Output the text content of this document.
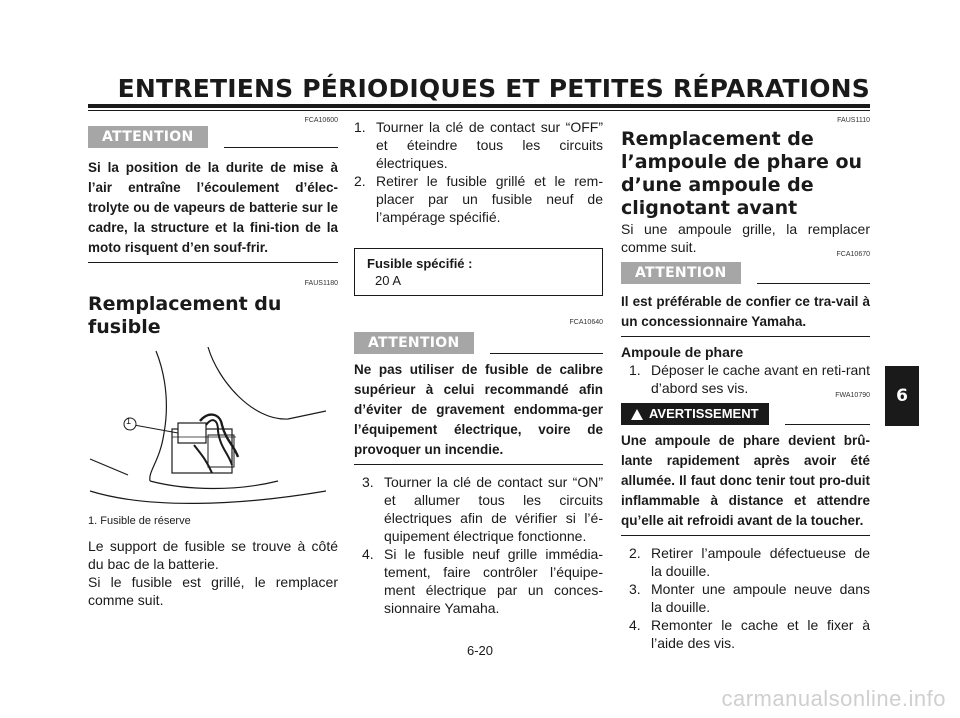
ENTRETIENS PÉRIODIQUES ET PETITES RÉPARATIONS
6
FCA10600
ATTENTION

Si la position de la durite de mise à l’air entraîne l’écoulement d’élec-trolyte ou de vapeurs de batterie sur le cadre, la structure et la fini-tion de la moto risquent d’en souf-frir.

FAUS1180
Remplacement du fusible
1

1. Fusible de réserve

Le support de fusible se trouve à côté du bac de la batterie.

Si le fusible est grillé, le remplacer comme suit.

1. Tourner la clé de contact sur “OFF” et éteindre tous les circuits électriques.
2. Retirer le fusible grillé et le rem-placer par un fusible neuf de l’ampérage spécifié.
Fusible spécifié :
20 A
FCA10640
ATTENTION

Ne pas utiliser de fusible de calibre supérieur à celui recommandé afin d’éviter de gravement endomma-ger l’équipement électrique, voire de provoquer un incendie.

3. Tourner la clé de contact sur “ON” et allumer tous les circuits électriques afin de vérifier si l’é-quipement électrique fonctionne.
4. Si le fusible neuf grille immédia-tement, faire contrôler l’équipe-ment électrique par un conces-sionnaire Yamaha.
FAUS1110
Remplacement de l’ampoule de phare ou d’une ampoule de clignotant avant

Si une ampoule grille, la remplacer comme suit.	FCA10670
ATTENTION

Il est préférable de confier ce tra-vail à un concessionnaire Yamaha.

Ampoule de phare

1. Déposer le cache avant en reti-rant d’abord ses vis.	FWA10790
AVERTISSEMENT

Une ampoule de phare devient brû-lante rapidement après avoir été allumée. Il faut donc tenir tout pro-duit inflammable à distance et attendre qu’elle ait refroidi avant de la toucher.

2. Retirer l’ampoule défectueuse de la douille.
3. Monter une ampoule neuve dans la douille.
4. Remonter le cache et le fixer à l’aide des vis.
6-20
carmanualsonline.info
